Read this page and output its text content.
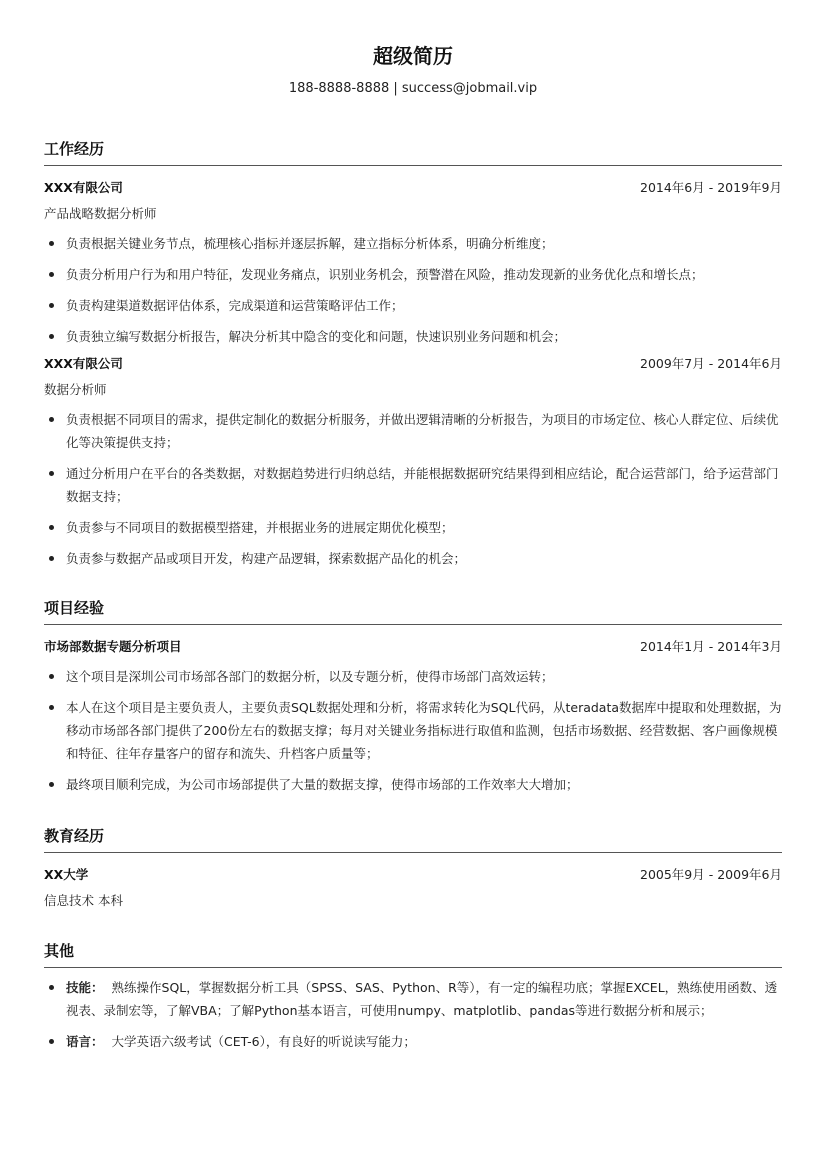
超级简历
188-8888-8888 | success@jobmail.vip
工作经历
XXX有限公司	2014年6月 - 2019年9月
产品战略数据分析师
负责根据关键业务节点，梳理核心指标并逐层拆解，建立指标分析体系，明确分析维度；
负责分析用户行为和用户特征，发现业务痛点，识别业务机会，预警潜在风险，推动发现新的业务优化点和增长点；
负责构建渠道数据评估体系，完成渠道和运营策略评估工作；
负责独立编写数据分析报告，解决分析其中隐含的变化和问题，快速识别业务问题和机会；
XXX有限公司	2009年7月 - 2014年6月
数据分析师
负责根据不同项目的需求，提供定制化的数据分析服务，并做出逻辑清晰的分析报告，为项目的市场定位、核心人群定位、后续优化等决策提供支持；
通过分析用户在平台的各类数据，对数据趋势进行归纳总结，并能根据数据研究结果得到相应结论，配合运营部门，给予运营部门数据支持；
负责参与不同项目的数据模型搭建，并根据业务的进展定期优化模型；
负责参与数据产品或项目开发，构建产品逻辑，探索数据产品化的机会；
项目经验
市场部数据专题分析项目	2014年1月 - 2014年3月
这个项目是深圳公司市场部各部门的数据分析，以及专题分析，使得市场部门高效运转；
本人在这个项目是主要负责人，主要负责SQL数据处理和分析，将需求转化为SQL代码，从teradata数据库中提取和处理数据，为移动市场部各部门提供了200份左右的数据支撑；每月对关键业务指标进行取值和监测，包括市场数据、经营数据、客户画像规模和特征、往年存量客户的留存和流失、升档客户质量等；
最终项目顺利完成，为公司市场部提供了大量的数据支撑，使得市场部的工作效率大大增加；
教育经历
XX大学	2005年9月 - 2009年6月
信息技术 本科
其他
技能： 熟练操作SQL，掌握数据分析工具（SPSS、SAS、Python、R等），有一定的编程功底；掌握EXCEL，熟练使用函数、透视表、录制宏等，了解VBA；了解Python基本语言，可使用numpy、matplotlib、pandas等进行数据分析和展示；
语言： 大学英语六级考试（CET-6），有良好的听说读写能力；
